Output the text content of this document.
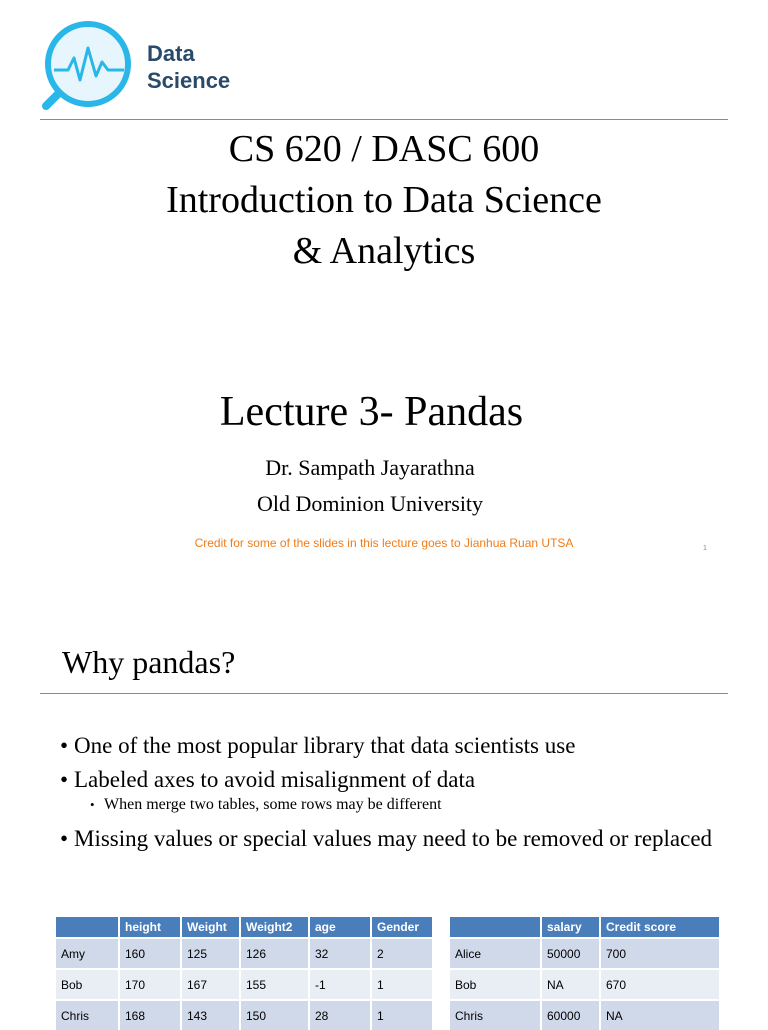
Data
Science
CS 620 / DASC 600
Introduction to Data Science
& Analytics
Lecture 3- Pandas
Dr. Sampath Jayarathna
Old Dominion University
Credit for some of the slides in this lecture goes to Jianhua Ruan UTSA	1
Why pandas?
• One of the most popular library that data scientists use
• Labeled axes to avoid misalignment of data
• When merge two tables, some rows may be different
• Missing values or special values may need to be removed or replaced
	height	Weight	Weight2	age	Gender
Amy	160	125	126	32	2
Bob	170	167	155	-1	1
Chris	168	143	150	28	1
	salary	Credit score
Alice	50000	700
Bob	NA	670
Chris	60000	NA
